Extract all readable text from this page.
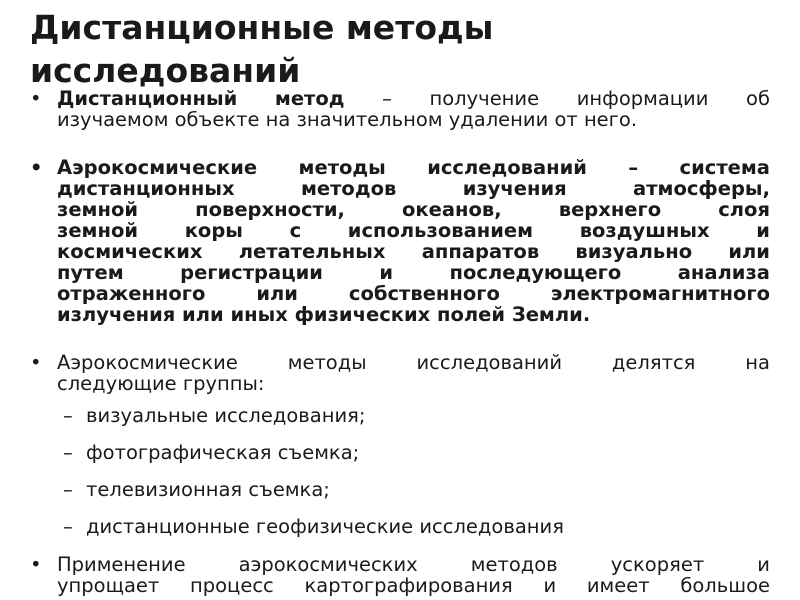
Дистанционные методы
исследований
• Дистанционный метод – получение информации об
изучаемом объекте на значительном удалении от него.
• Аэрокосмические методы исследований – система
дистанционных	методов	изучения	атмосферы,
земной	поверхности,	океанов,	верхнего	слоя
земной коры с использованием воздушных и
космических летательных аппаратов визуально или
путем	регистрации	и	последующего	анализа
отраженного	или	собственного	электромагнитного
излучения или иных физических полей Земли.
• Аэрокосмические	методы	исследований	делятся	на
следующие группы:
– визуальные исследования;
– фотографическая съемка;
– телевизионная съемка;
– дистанционные геофизические исследования
• Применение	аэрокосмических	методов	ускоряет	и
упрощает процесс картографирования и имеет большое
